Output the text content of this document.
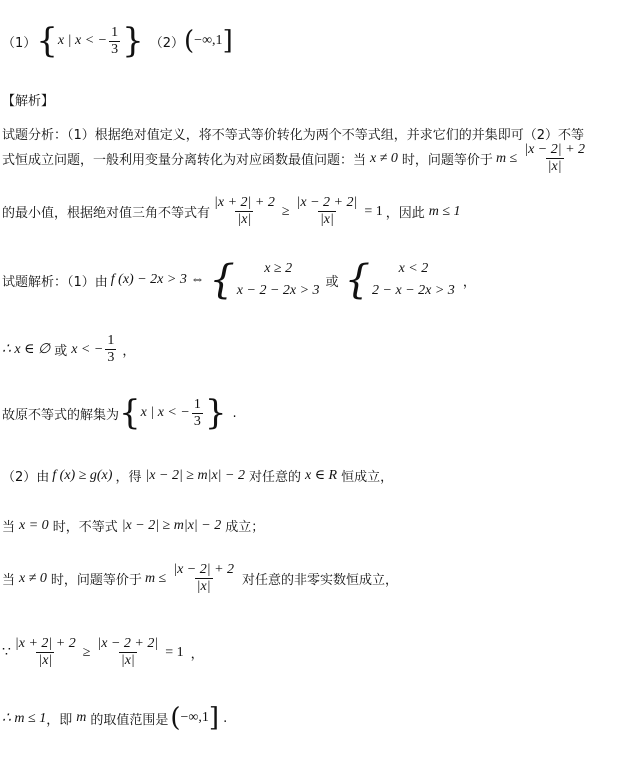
（1） { x | x < − $\frac{1}{3}$ } （2） ( −∞,1 ]
【解析】
试题分析：（1）根据绝对值定义，将不等式等价转化为两个不等式组，并求它们的并集即可（2）不等
式恒成立问题，一般利用变量分离转化为对应函数最值问题：当 x ≠ 0 时，问题等价于 $m \le \frac{|x - 2| + 2}{|x|}$
的最小值，根据绝对值三角不等式有 $\frac{|x + 2| + 2}{|x|} \ge \frac{|x - 2 + 2|}{|x|} = 1$ ，因此 m ≤ 1
试题解析：（1）由 f (x) − 2x > 3 ⇔ {	x ≥ 2
x − 2 − 2x > 3
或 {	x < 2
2 − x − 2x > 3
，
∴ x ∈ ∅ 或 x < − $\frac{1}{3}$ ，
故原不等式的解集为 { x | x < − $\frac{1}{3}$ } .
（2）由 f (x) ≥ g(x) ，得 |x − 2| ≥ m|x| − 2 对任意的 x ∈ R 恒成立，
当 x = 0 时，不等式 |x − 2| ≥ m|x| − 2 成立；
当 x ≠ 0 时，问题等价于 $m \le \frac{|x - 2| + 2}{|x|}$ 对任意的非零实数恒成立，
∵ $\frac{|x + 2| + 2}{|x|} \ge \frac{|x - 2 + 2|}{|x|} = 1$ ，
∴ m ≤ 1 ，即 m 的取值范围是 ( −∞,1 ] .
